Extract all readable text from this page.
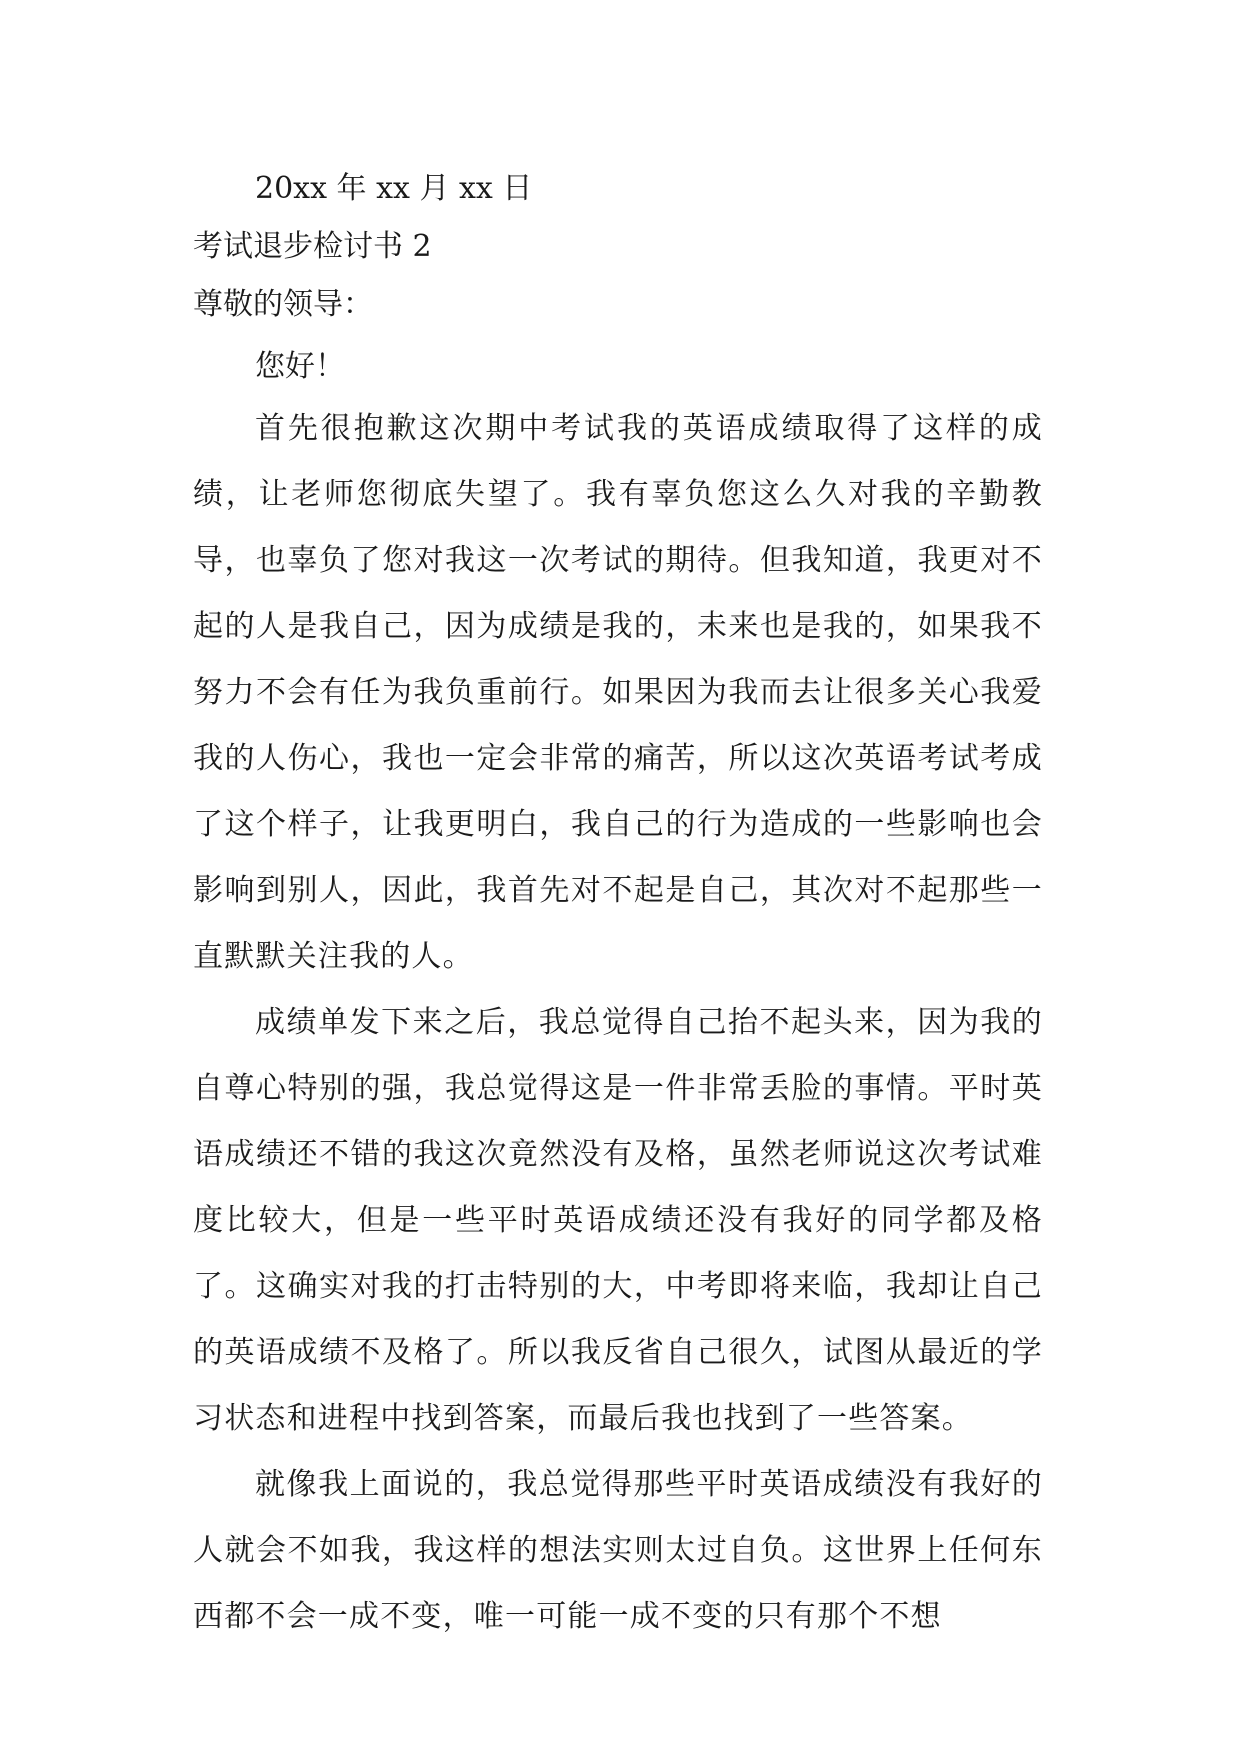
20xx 年 xx 月 xx 日

考试退步检讨书 2

尊敬的领导：

您好！

首先很抱歉这次期中考试我的英语成绩取得了这样的成绩，让老师您彻底失望了。我有辜负您这么久对我的辛勤教导，也辜负了您对我这一次考试的期待。但我知道，我更对不起的人是我自己，因为成绩是我的，未来也是我的，如果我不努力不会有任为我负重前行。如果因为我而去让很多关心我爱我的人伤心，我也一定会非常的痛苦，所以这次英语考试考成了这个样子，让我更明白，我自己的行为造成的一些影响也会影响到别人，因此，我首先对不起是自己，其次对不起那些一直默默关注我的人。

成绩单发下来之后，我总觉得自己抬不起头来，因为我的自尊心特别的强，我总觉得这是一件非常丢脸的事情。平时英语成绩还不错的我这次竟然没有及格，虽然老师说这次考试难度比较大，但是一些平时英语成绩还没有我好的同学都及格了。这确实对我的打击特别的大，中考即将来临，我却让自己的英语成绩不及格了。所以我反省自己很久，试图从最近的学习状态和进程中找到答案，而最后我也找到了一些答案。

就像我上面说的，我总觉得那些平时英语成绩没有我好的人就会不如我，我这样的想法实则太过自负。这世界上任何东西都不会一成不变，唯一可能一成不变的只有那个不想
